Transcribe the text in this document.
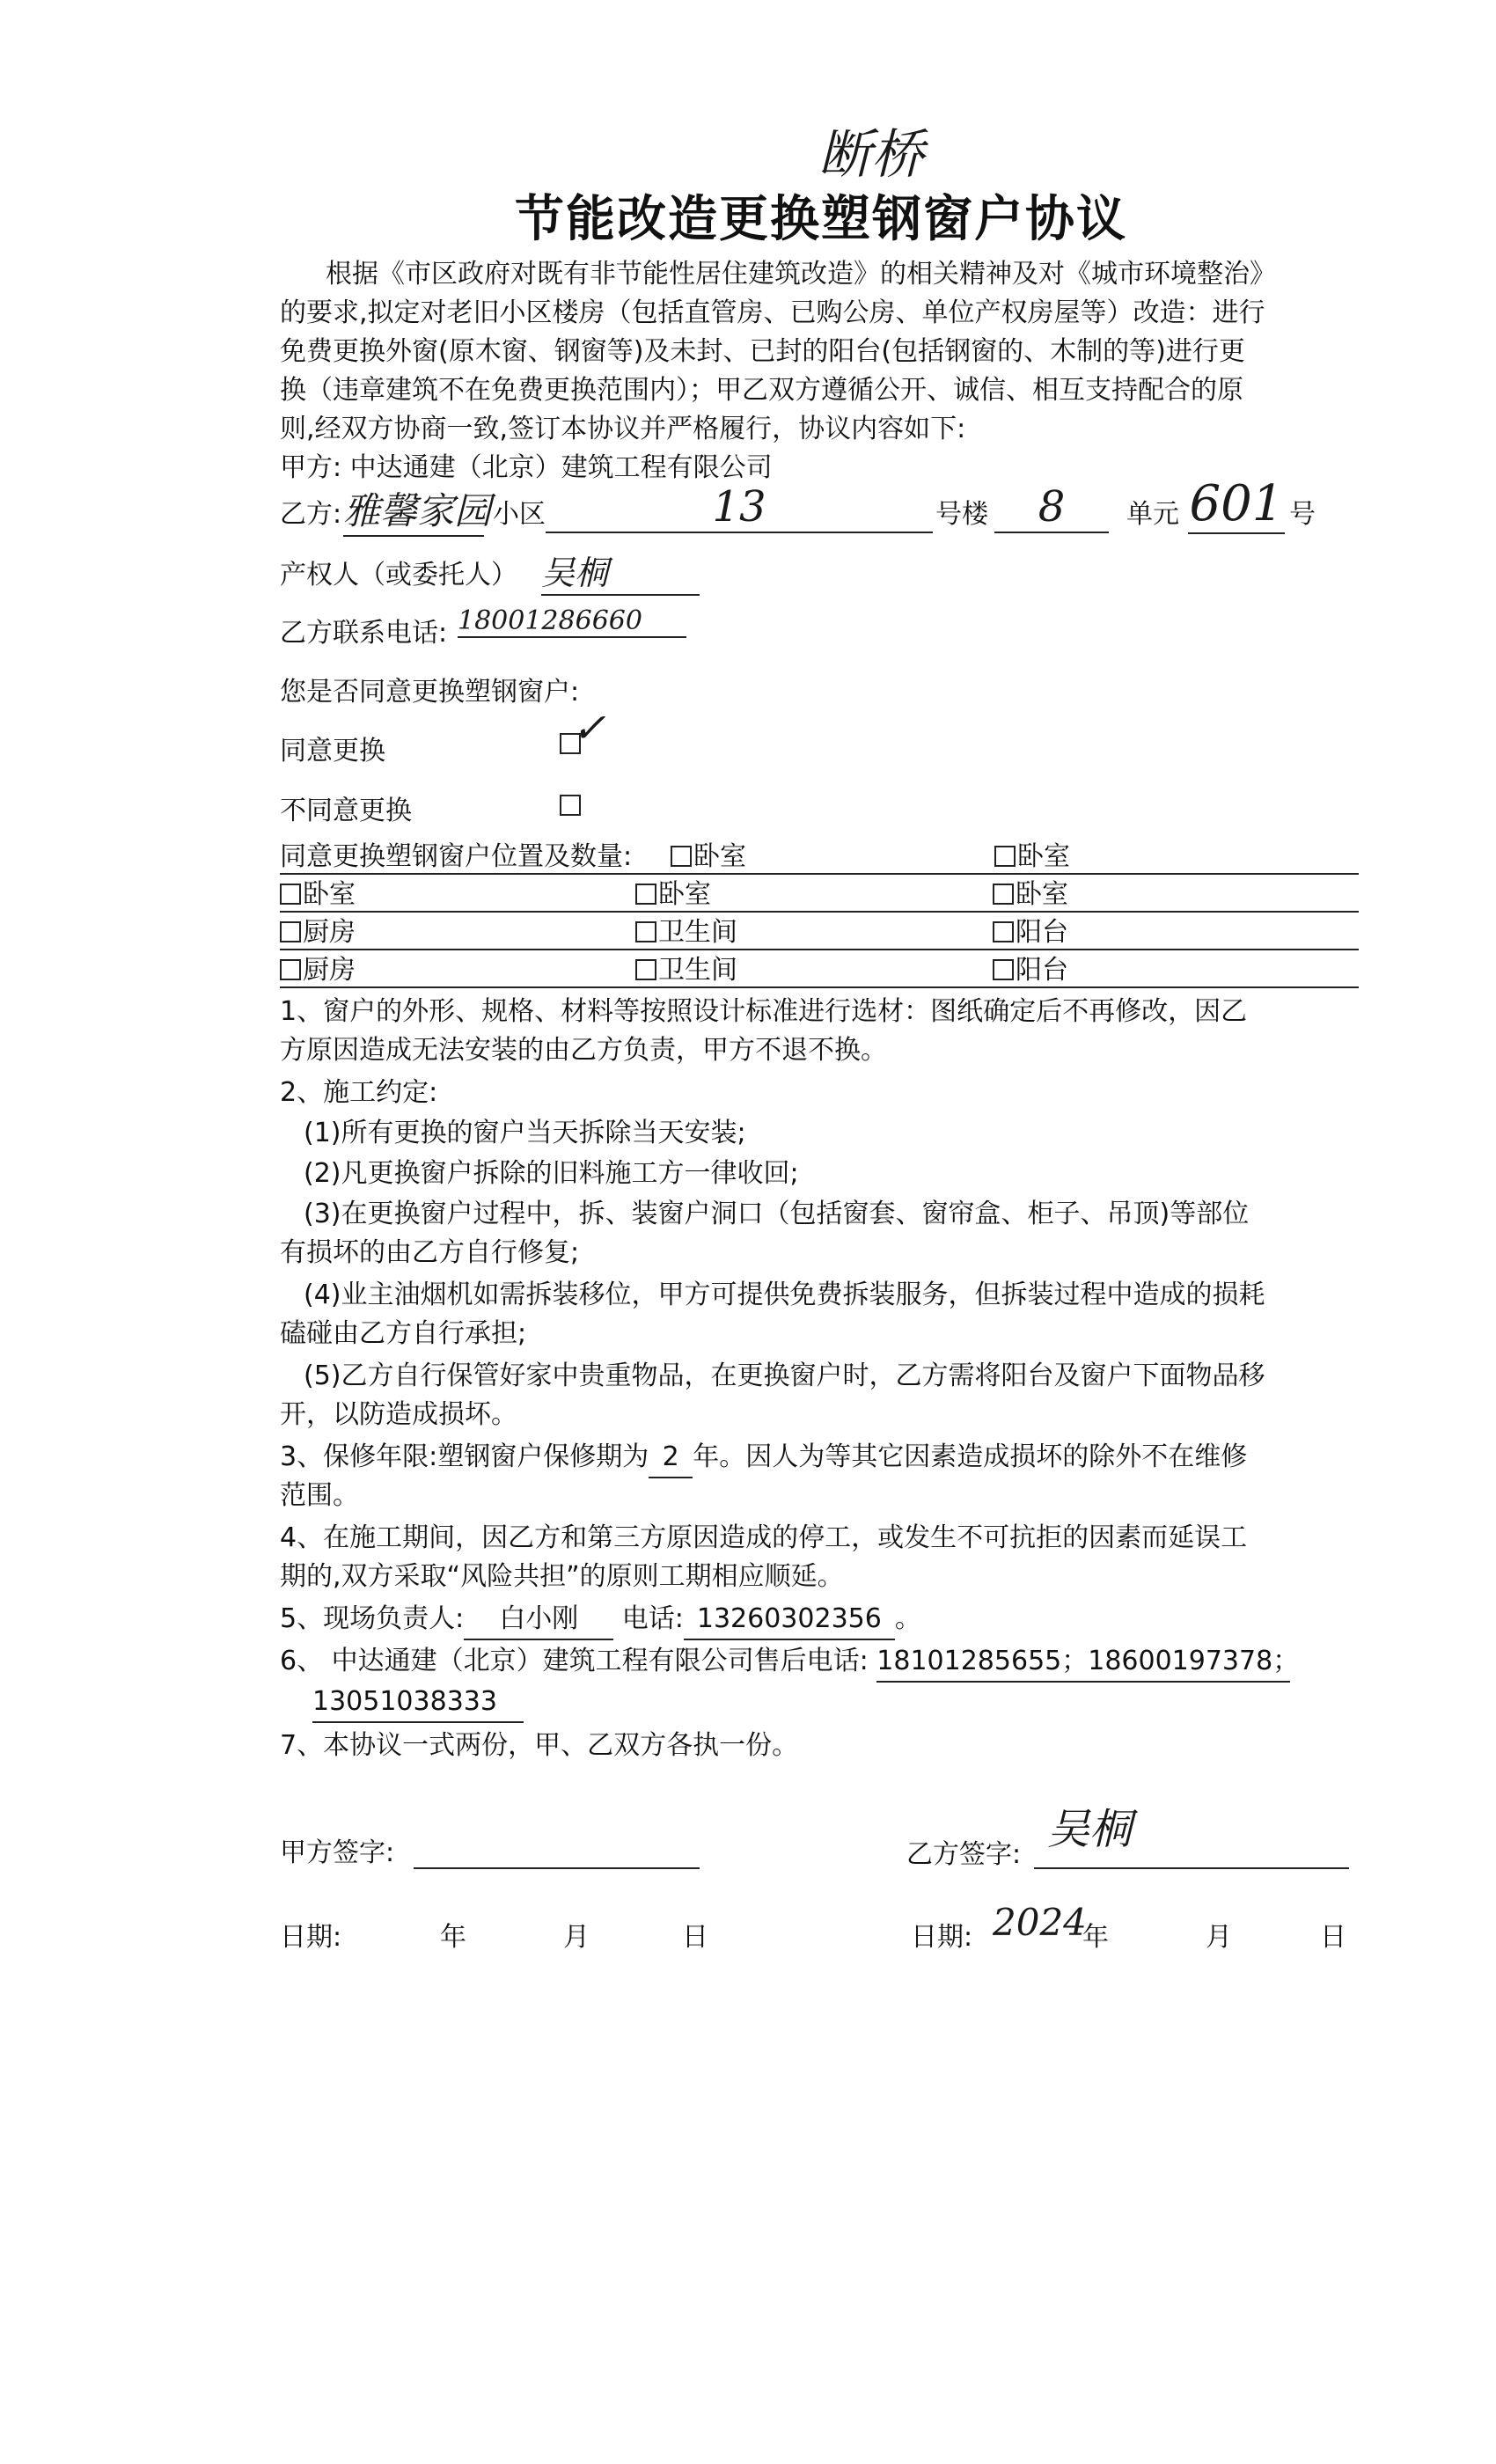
断桥
节能改造更换塑钢窗户协议
根据《市区政府对既有非节能性居住建筑改造》的相关精神及对《城市环境整治》
的要求,拟定对老旧小区楼房（包括直管房、已购公房、单位产权房屋等）改造：进行
免费更换外窗(原木窗、钢窗等)及未封、已封的阳台(包括钢窗的、木制的等)进行更
换（违章建筑不在免费更换范围内）；甲乙双方遵循公开、诚信、相互支持配合的原
则,经双方协商一致,签订本协议并严格履行，协议内容如下:
甲方: 中达通建（北京）建筑工程有限公司
乙方: 雅馨家园 小区	13	号楼	8	单元 601 号
产权人（或委托人） 吴桐
乙方联系电话: 18001286660
您是否同意更换塑钢窗户:
同意更换	✓
不同意更换
同意更换塑钢窗户位置及数量:	卧室	卧室
卧室	卧室	卧室
厨房	卫生间	阳台
厨房	卫生间	阳台
1、窗户的外形、规格、材料等按照设计标准进行选材：图纸确定后不再修改，因乙
方原因造成无法安装的由乙方负责，甲方不退不换。
2、施工约定:
(1)所有更换的窗户当天拆除当天安装;
(2)凡更换窗户拆除的旧料施工方一律收回;
(3)在更换窗户过程中，拆、装窗户洞口（包括窗套、窗帘盒、柜子、吊顶)等部位
有损坏的由乙方自行修复;
(4)业主油烟机如需拆装移位，甲方可提供免费拆装服务，但拆装过程中造成的损耗
磕碰由乙方自行承担;
(5)乙方自行保管好家中贵重物品，在更换窗户时，乙方需将阳台及窗户下面物品移
开，以防造成损坏。
3、保修年限:塑钢窗户保修期为 2 年。因人为等其它因素造成损坏的除外不在维修
范围。
4、在施工期间，因乙方和第三方原因造成的停工，或发生不可抗拒的因素而延误工
期的,双方采取“风险共担”的原则工期相应顺延。
5、现场负责人: 白小刚 电话: 13260302356 。
6、 中达通建（北京）建筑工程有限公司售后电话: 18101285655；18600197378；
13051038333
7、本协议一式两份，甲、乙双方各执一份。
甲方签字:	乙方签字:
吴桐
日期:	年	月	日	日期: 2024
年	月	日
